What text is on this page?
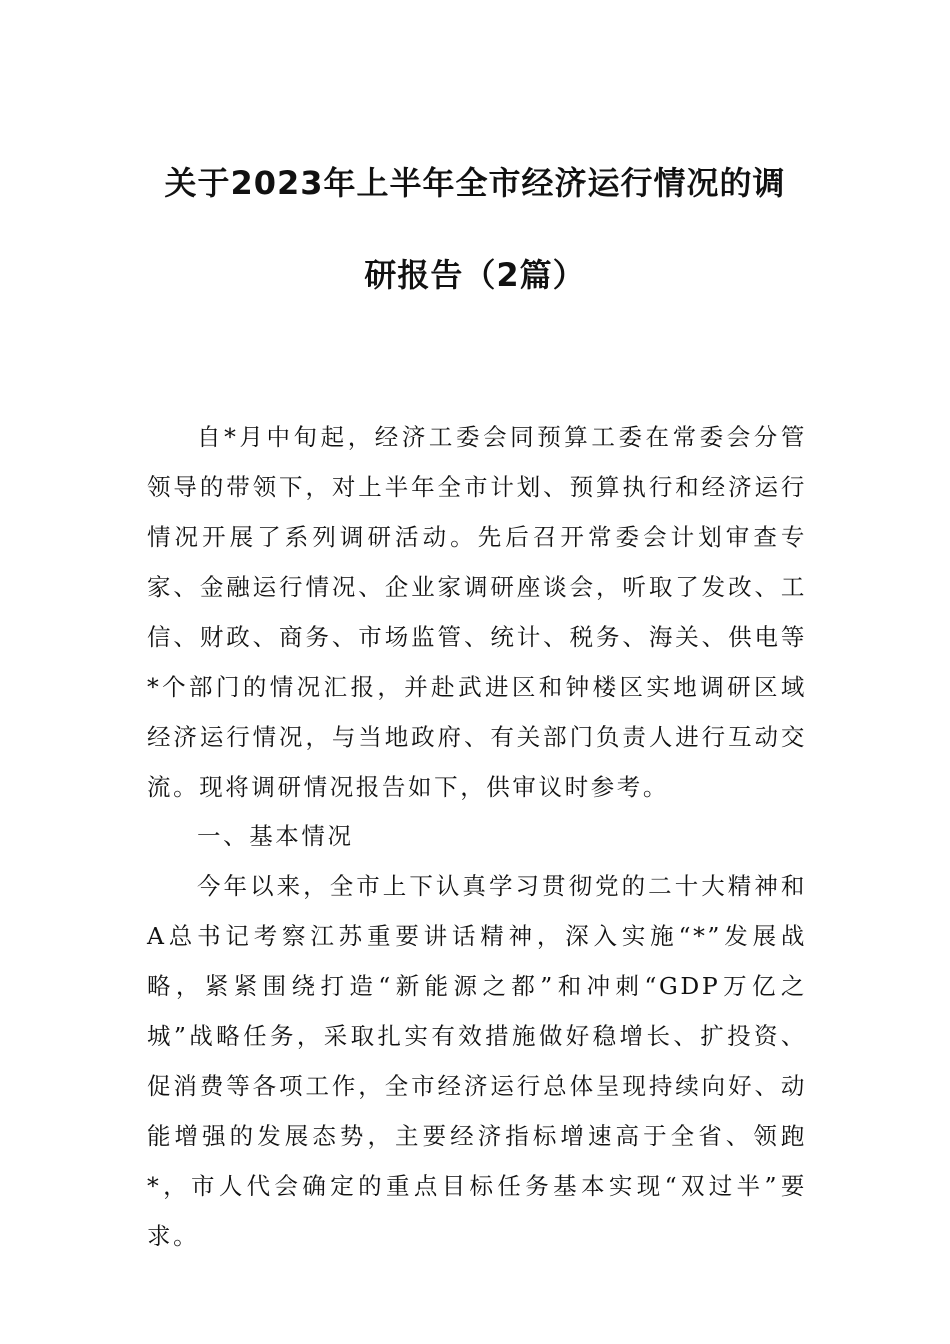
关于2023年上半年全市经济运行情况的调
研报告（2篇）

自*月中旬起，经济工委会同预算工委在常委会分管领导的带领下，对上半年全市计划、预算执行和经济运行情况开展了系列调研活动。先后召开常委会计划审查专家、金融运行情况、企业家调研座谈会，听取了发改、工信、财政、商务、市场监管、统计、税务、海关、供电等*个部门的情况汇报，并赴武进区和钟楼区实地调研区域经济运行情况，与当地政府、有关部门负责人进行互动交流。现将调研情况报告如下，供审议时参考。

一、基本情况

今年以来，全市上下认真学习贯彻党的二十大精神和A总书记考察江苏重要讲话精神，深入实施“*”发展战略，紧紧围绕打造“新能源之都”和冲刺“GDP万亿之城”战略任务，采取扎实有效措施做好稳增长、扩投资、促消费等各项工作，全市经济运行总体呈现持续向好、动能增强的发展态势，主要经济指标增速高于全省、领跑*，市人代会确定的重点目标任务基本实现“双过半”要求。
